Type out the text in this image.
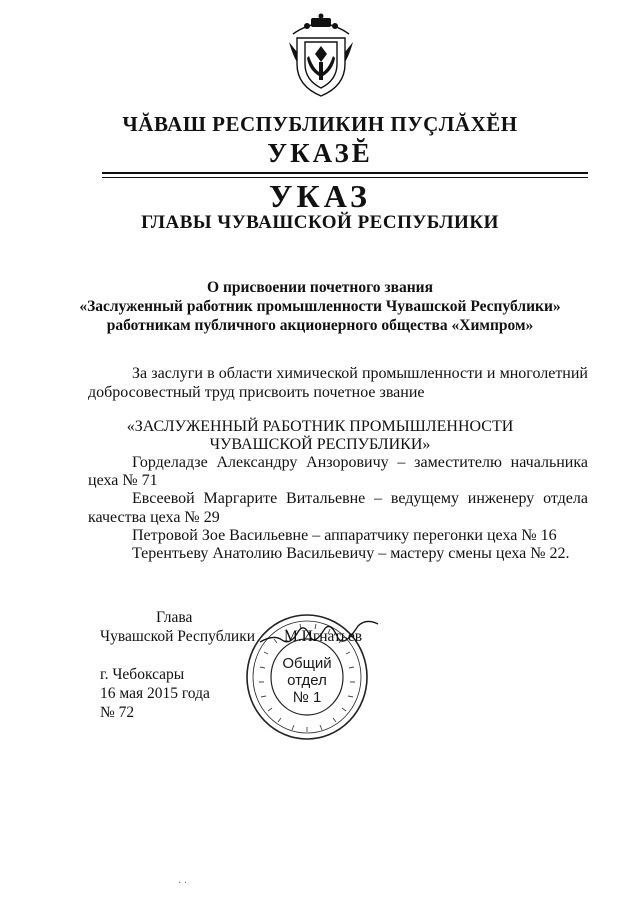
ЧĂВАШ РЕСПУБЛИКИН ПУÇЛĂХĔН
УКАЗĔ
УКАЗ
ГЛАВЫ ЧУВАШСКОЙ РЕСПУБЛИКИ
О присвоении почетного звания
«Заслуженный работник промышленности Чувашской Республики»
работникам публичного акционерного общества «Химпром»
За заслуги в области химической промышленности и многолетний добросовестный труд присвоить почетное звание
«ЗАСЛУЖЕННЫЙ РАБОТНИК ПРОМЫШЛЕННОСТИ
ЧУВАШСКОЙ РЕСПУБЛИКИ»
Горделадзе Александру Анзоровичу – заместителю начальника цеха № 71
Евсеевой Маргарите Витальевне – ведущему инженеру отдела качества цеха № 29
Петровой Зое Васильевне – аппаратчику перегонки цеха № 16
Терентьеву Анатолию Васильевичу – мастеру смены цеха № 22.
Общий
отдел
№ 1
Глава
Чувашской Республики М.Игнатьев
г. Чебоксары
16 мая 2015 года
№ 72
· ·
